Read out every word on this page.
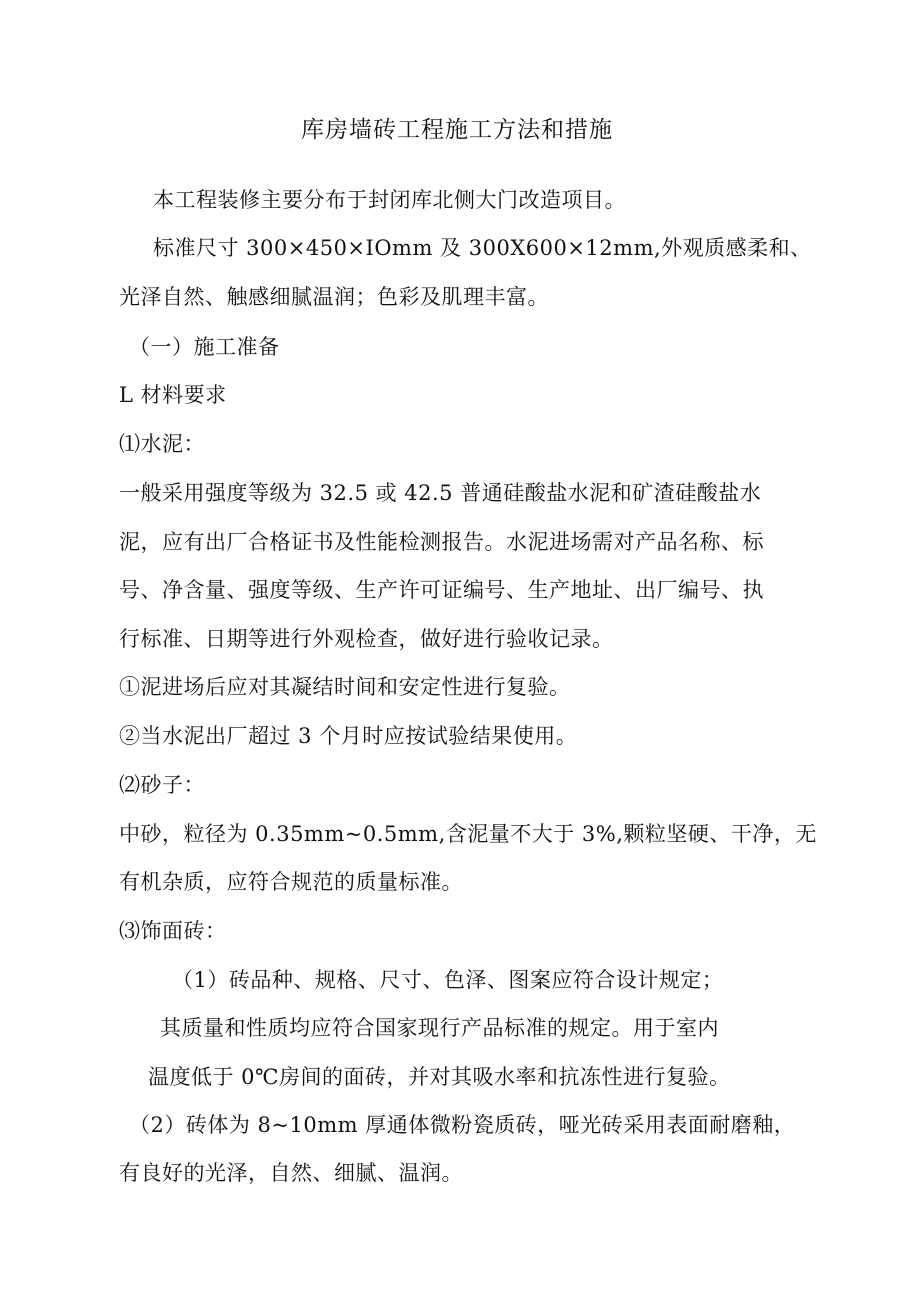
库房墙砖工程施工方法和措施
本工程装修主要分布于封闭库北侧大门改造项目。
标准尺寸 300×450×IOmm 及 300X600×12mm,外观质感柔和、
光泽自然、触感细腻温润；色彩及肌理丰富。
（一）施工准备
L 材料要求
⑴水泥：
一般采用强度等级为 32.5 或 42.5 普通硅酸盐水泥和矿渣硅酸盐水
泥，应有出厂合格证书及性能检测报告。水泥进场需对产品名称、标
号、净含量、强度等级、生产许可证编号、生产地址、出厂编号、执
行标准、日期等进行外观检查，做好进行验收记录。
①泥进场后应对其凝结时间和安定性进行复验。
②当水泥出厂超过 3 个月时应按试验结果使用。
⑵砂子：
中砂，粒径为 0.35mm~0.5mm,含泥量不大于 3%,颗粒坚硬、干净，无
有机杂质，应符合规范的质量标准。
⑶饰面砖：
（1）砖品种、规格、尺寸、色泽、图案应符合设计规定；
其质量和性质均应符合国家现行产品标准的规定。用于室内
温度低于 0℃房间的面砖，并对其吸水率和抗冻性进行复验。
（2）砖体为 8~10mm 厚通体微粉瓷质砖，哑光砖采用表面耐磨釉，
有良好的光泽，自然、细腻、温润。
